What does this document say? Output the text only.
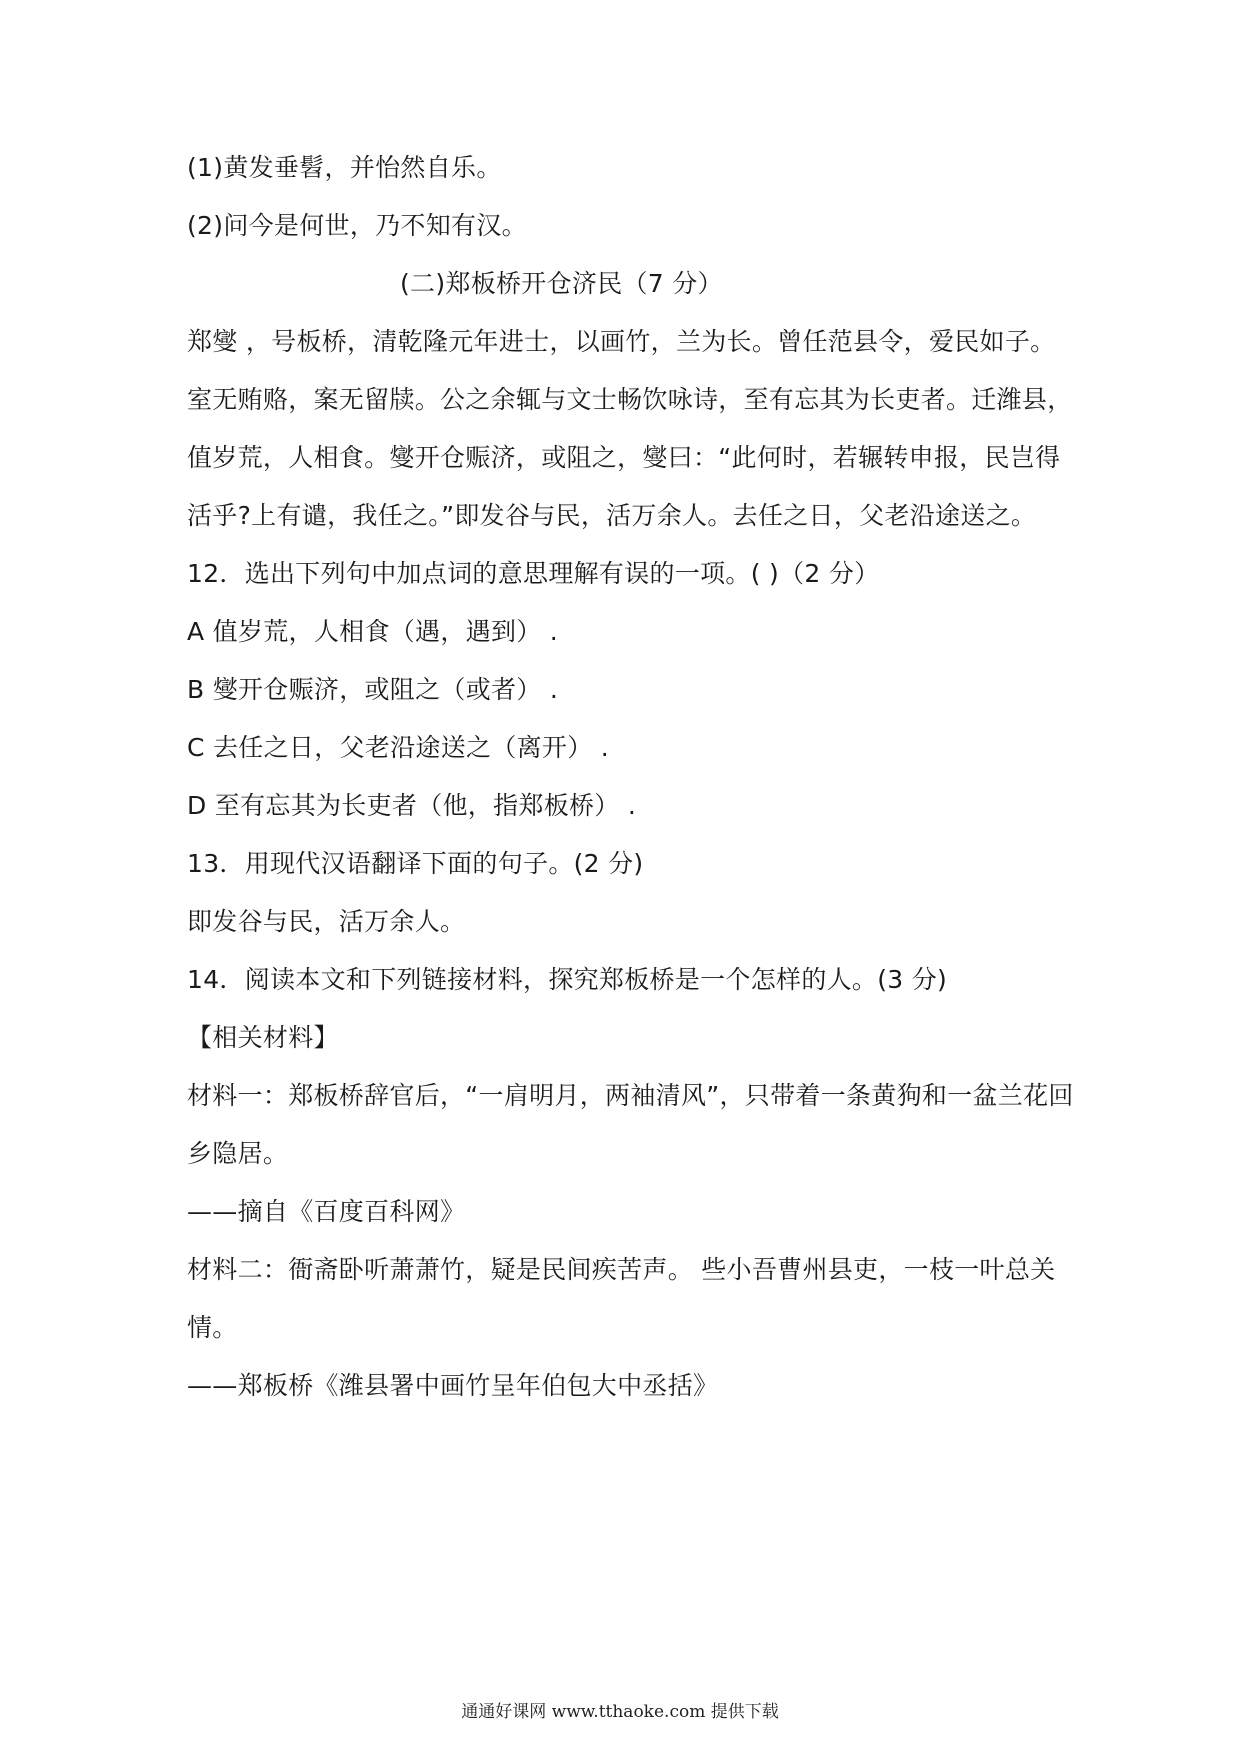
(1)黄发垂髫，并怡然自乐。
(2)问今是何世，乃不知有汉。
(二)郑板桥开仓济民（7 分）
郑燮 ，号板桥，清乾隆元年进士，以画竹，兰为长。曾任范县令，爱民如子。
室无贿赂，案无留牍。公之余辄与文士畅饮咏诗，至有忘其为长吏者。迁潍县，
值岁荒，人相食。燮开仓赈济，或阻之，燮曰：“此何时，若辗转申报，民岂得
活乎?上有谴，我任之。”即发谷与民，活万余人。去任之日，父老沿途送之。
12．选出下列句中加点词的意思理解有误的一项。( )（2 分）
A 值岁荒，人相食（遇，遇到） .
B 燮开仓赈济，或阻之（或者） .
C 去任之日，父老沿途送之（离开） .
D 至有忘其为长吏者（他，指郑板桥） .
13．用现代汉语翻译下面的句子。(2 分)
即发谷与民，活万余人。
14．阅读本文和下列链接材料，探究郑板桥是一个怎样的人。(3 分)
【相关材料】
材料一：郑板桥辞官后，“一肩明月，两袖清风”，只带着一条黄狗和一盆兰花回
乡隐居。
——摘自《百度百科网》
材料二：衙斋卧听萧萧竹，疑是民间疾苦声。 些小吾曹州县吏，一枝一叶总关
情。
——郑板桥《潍县署中画竹呈年伯包大中丞括》
通通好课网 www.tthaoke.com 提供下载
